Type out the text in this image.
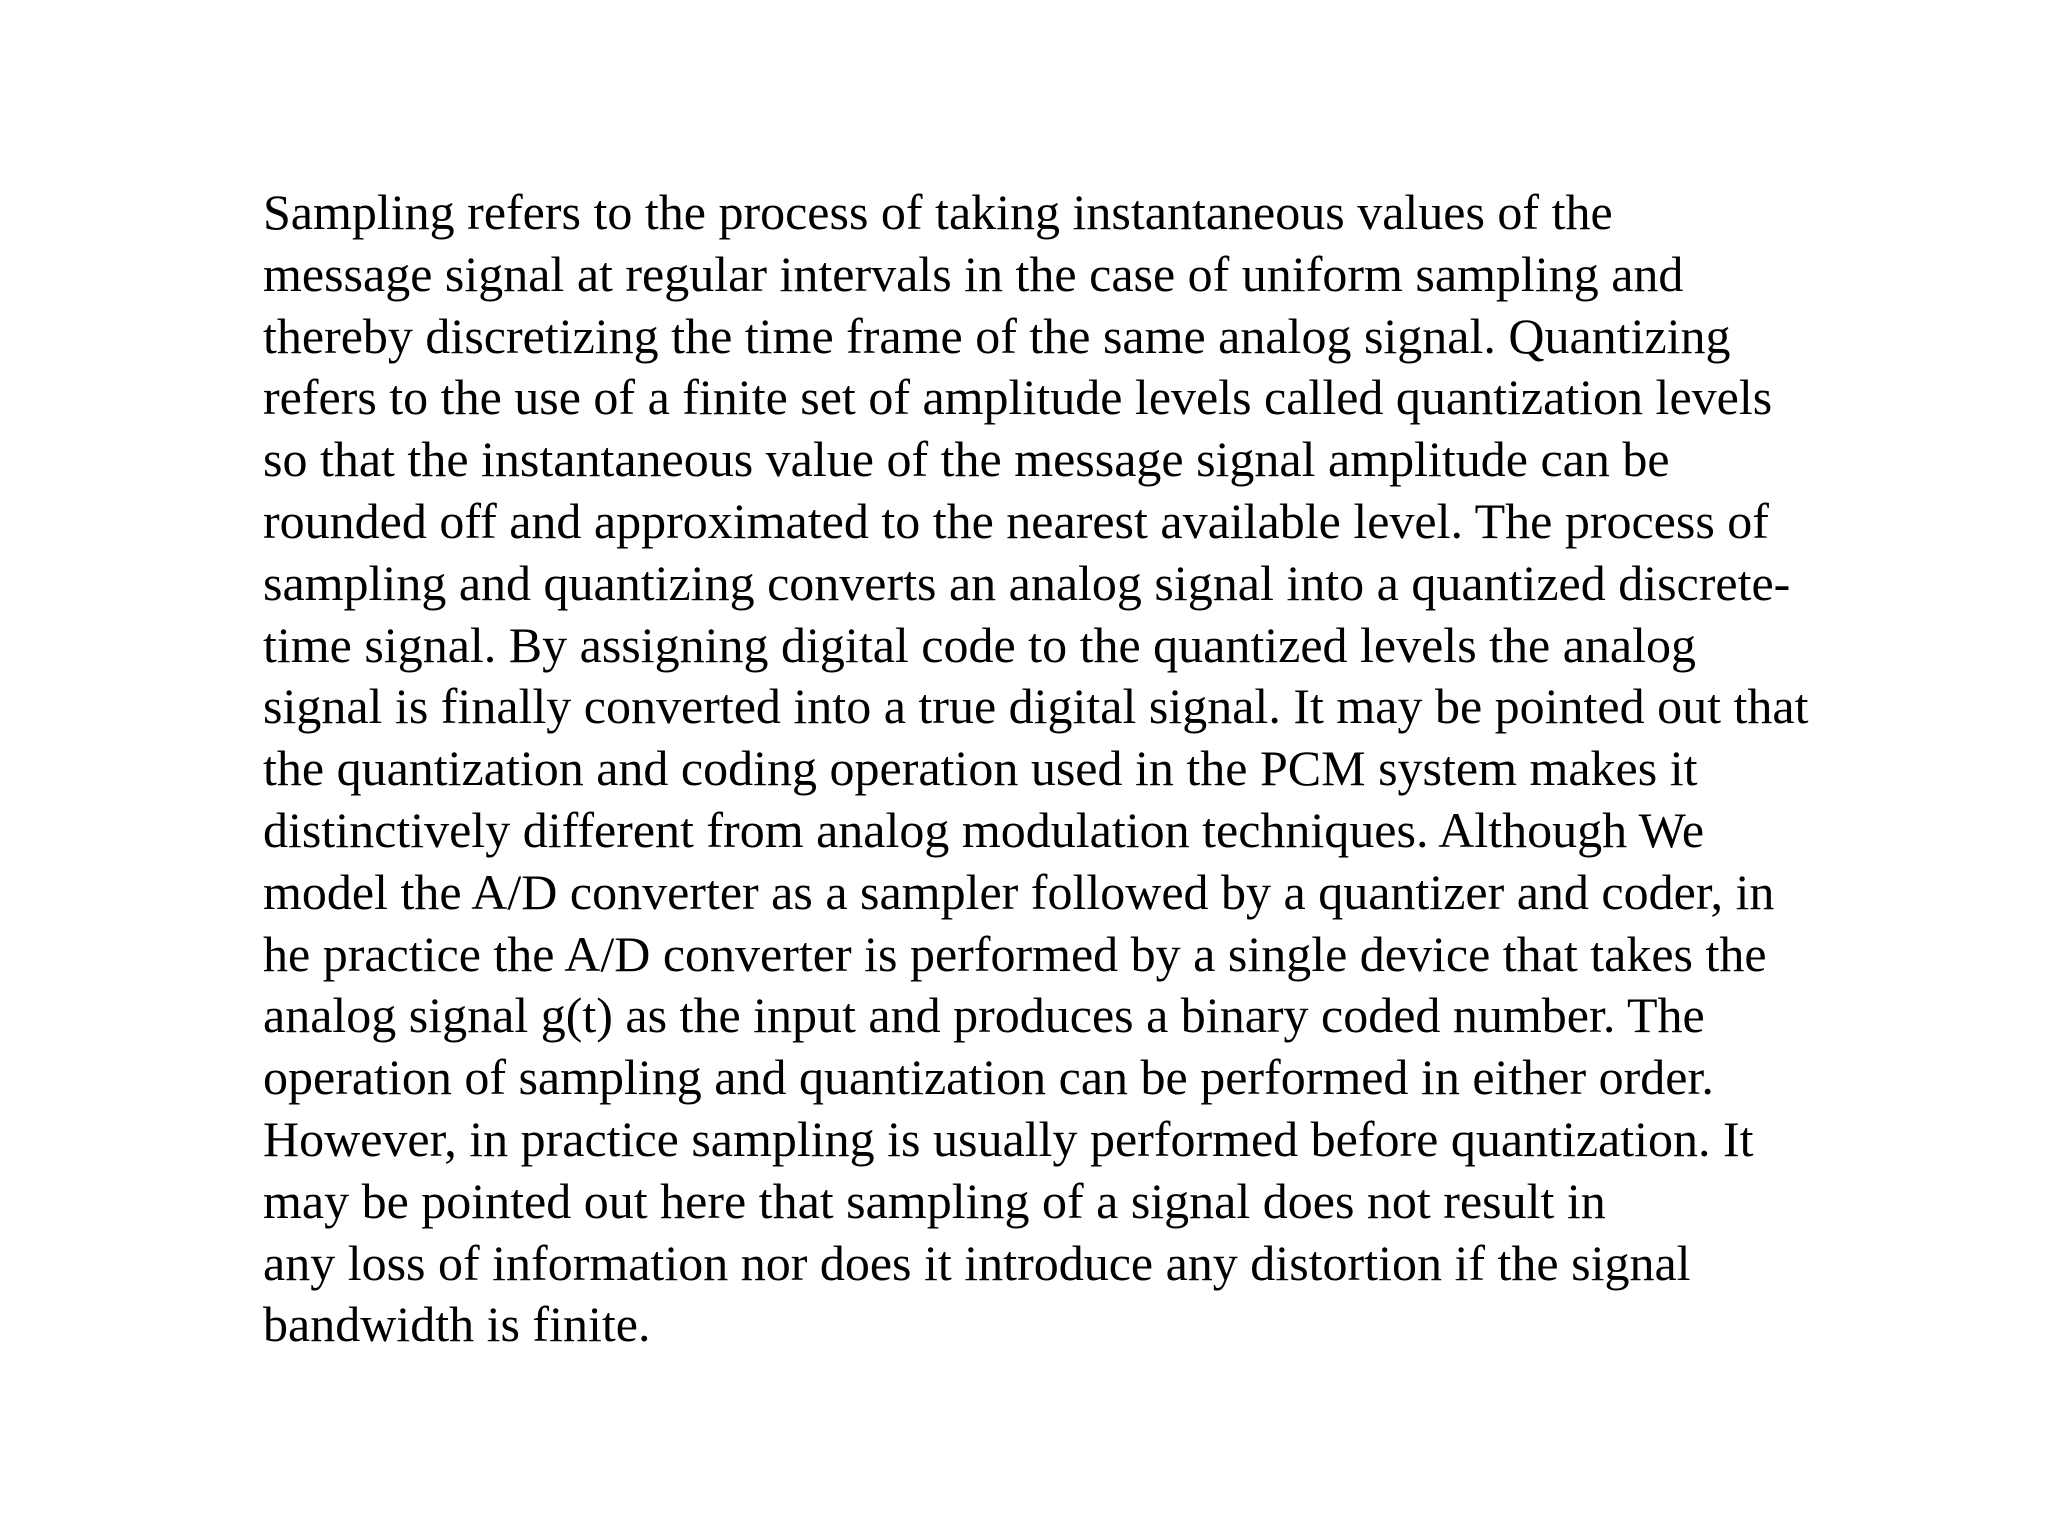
Sampling refers to the process of taking instantaneous values of the
message signal at regular intervals in the case of uniform sampling and
thereby discretizing the time frame of the same analog signal. Quantizing
refers to the use of a finite set of amplitude levels called quantization levels
so that the instantaneous value of the message signal amplitude can be
rounded off and approximated to the nearest available level. The process of
sampling and quantizing converts an analog signal into a quantized discrete-
time signal. By assigning digital code to the quantized levels the analog
signal is finally converted into a true digital signal. It may be pointed out that
the quantization and coding operation used in the PCM system makes it
distinctively different from analog modulation techniques. Although We
model the A/D converter as a sampler followed by a quantizer and coder, in
he practice the A/D converter is performed by a single device that takes the
analog signal g(t) as the input and produces a binary coded number. The
operation of sampling and quantization can be performed in either order.
However, in practice sampling is usually performed before quantization. It
may be pointed out here that sampling of a signal does not result in
any loss of information nor does it introduce any distortion if the signal
bandwidth is finite.
